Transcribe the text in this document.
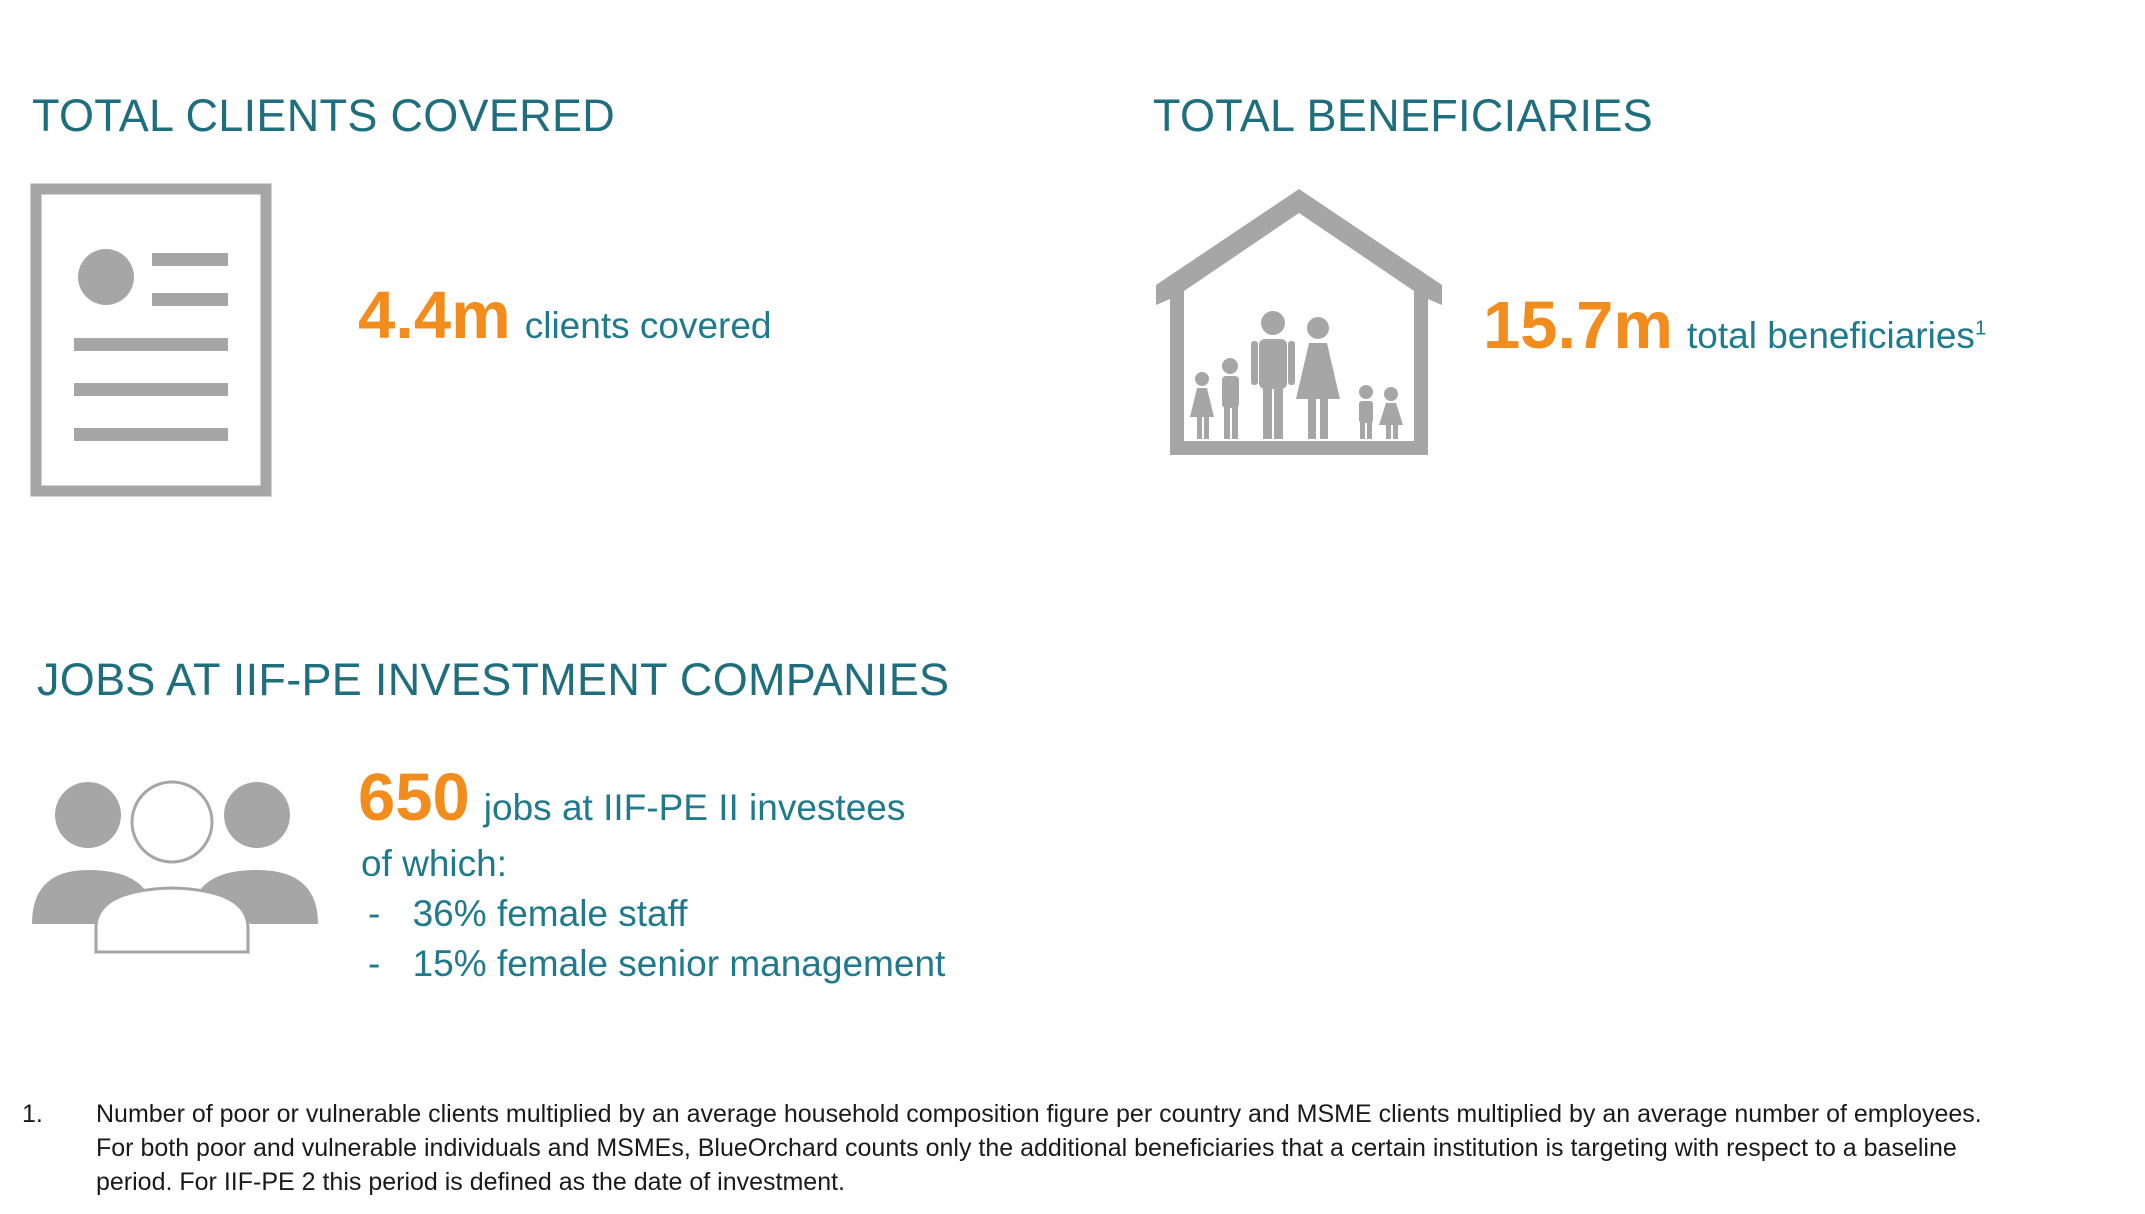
TOTAL CLIENTS COVERED
4.4m clients covered
TOTAL BENEFICIARIES
15.7m total beneficiaries$^1$
JOBS AT IIF-PE INVESTMENT COMPANIES
650 jobs at IIF-PE II investees
of which:
- 36% female staff
- 15% female senior management
1. Number of poor or vulnerable clients multiplied by an average household composition figure per country and MSME clients multiplied by an average number of employees.
For both poor and vulnerable individuals and MSMEs, BlueOrchard counts only the additional beneficiaries that a certain institution is targeting with respect to a baseline
period. For IIF-PE 2 this period is defined as the date of investment.
